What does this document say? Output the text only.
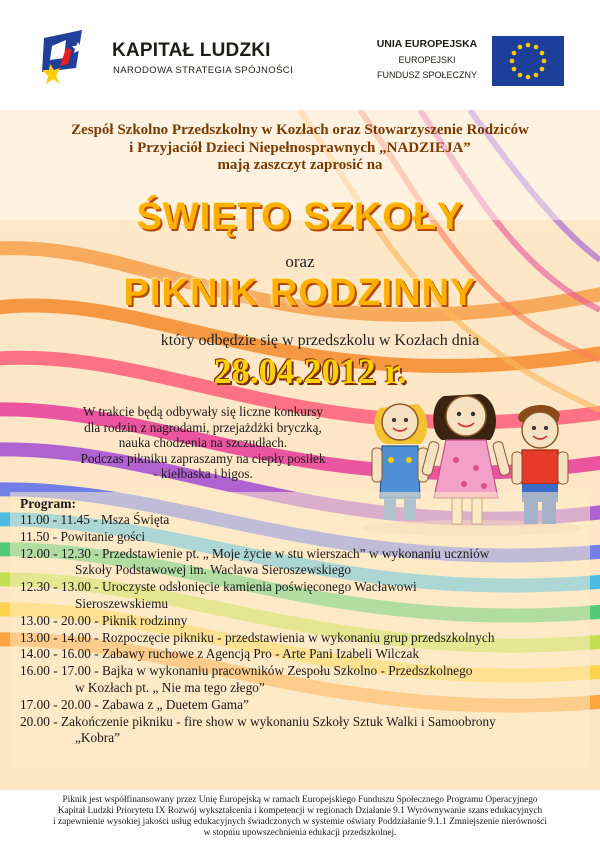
KAPITAŁ LUDZKI
NARODOWA STRATEGIA SPÓJNOŚCI
UNIA EUROPEJSKA
EUROPEJSKI
FUNDUSZ SPOŁECZNY
Zespół Szkolno Przedszkolny w Kozłach oraz Stowarzyszenie Rodziców
i Przyjaciół Dzieci Niepełnosprawnych „NADZIEJA”
mają zaszczyt zaprosić na
ŚWIĘTO SZKOŁY
oraz
PIKNIK RODZINNY
który odbędzie się w przedszkolu w Kozłach dnia
28.04.2012 r.
W trakcie będą odbywały się liczne konkursy
dla rodzin z nagrodami, przejażdżki bryczką,
nauka chodzenia na szczudłach.
Podczas pikniku zapraszamy na ciepły posiłek
- kiełbaska i bigos.
Program:
11.00 - 11.45 - Msza Święta
11.50 - Powitanie gości
12.00 - 12.30 - Przedstawienie pt. „ Moje życie w stu wierszach” w wykonaniu uczniów
Szkoły Podstawowej im. Wacława Sieroszewskiego
12.30 - 13.00 - Uroczyste odsłonięcie kamienia poświęconego Wacławowi
Sieroszewskiemu
13.00 - 20.00 - Piknik rodzinny
13.00 - 14.00 - Rozpoczęcie pikniku - przedstawienia w wykonaniu grup przedszkolnych
14.00 - 16.00 - Zabawy ruchowe z Agencją Pro - Arte Pani Izabeli Wilczak
16.00 - 17.00 - Bajka w wykonaniu pracowników Zespołu Szkolno - Przedszkolnego
w Kozłach pt. „ Nie ma tego złego”
17.00 - 20.00 - Zabawa z „ Duetem Gama”
20.00 - Zakończenie pikniku - fire show w wykonaniu Szkoły Sztuk Walki i Samoobrony
„Kobra”
Piknik jest współfinansowany przez Unię Europejską w ramach Europejskiego Funduszu Społecznego Programu Operacyjnego
Kapitał Ludzki Priorytetu IX Rozwój wykształcenia i kompetencji w regionach Działanie 9.1 Wyrównywanie szans edukacyjnych
i zapewnienie wysokiej jakości usług edukacyjnych świadczonych w systemie oświaty Poddziałanie 9.1.1 Zmniejszenie nierówności
w stopniu upowszechnienia edukacji przedszkolnej.
